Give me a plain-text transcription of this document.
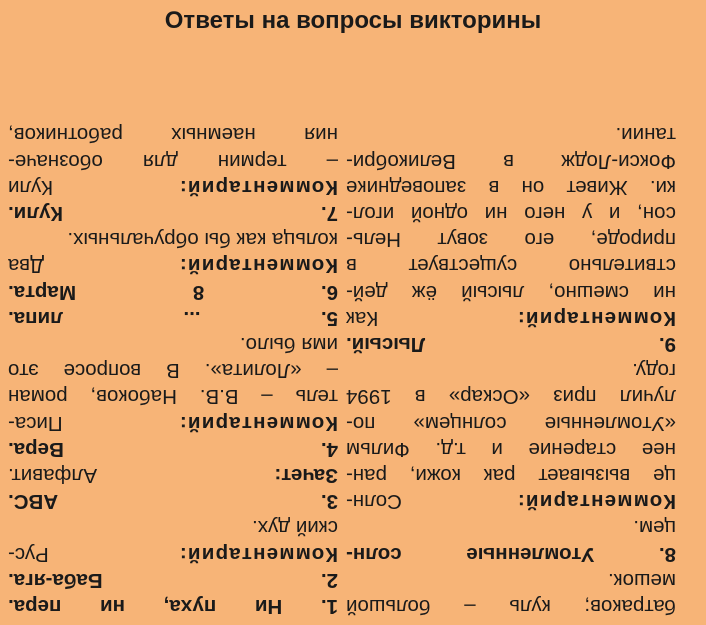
Ответы на вопросы викторины

1. Ни пуха, ни пера.

2. Баба-яга.

Комментарий: Рус-

ский дух.

3. ABC.

Зачет: Алфавит.

4. Вера.

Комментарий: Писа-

тель – В.В. Набоков, роман

– «Лолита». В вопросе это

имя было.

5. ... липа.

6. 8 Марта.

Комментарий: Два

кольца как бы обручальных.

7. Кули.

Комментарий: Кули

– термин для обозначе-

ния наемных работников,

батраков; куль – большой

мешок.

8. Утомленные солн-

цем.

Комментарий: Солн-

це вызывает рак кожи, ран-

нее старение и т.д. Фильм

«Утомленные солнцем» по-

лучил приз «Оскар» в 1994

году.

9. Лысый.

Комментарий: Как

ни смешно, лысый ёж дей-

ствительно существует в

природе, его зовут Нель-

сон, и у него ни одной игол-

ки. Живет он в заповеднике

Фокси-Лодж в Великобри-

тании.
